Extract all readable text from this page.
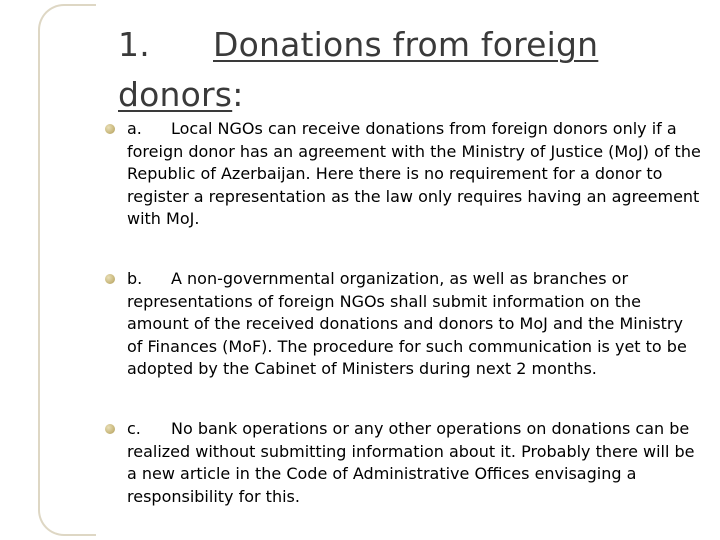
1. Donations from foreign donors:
a. Local NGOs can receive donations from foreign donors only if a foreign donor has an agreement with the Ministry of Justice (MoJ) of the Republic of Azerbaijan. Here there is no requirement for a donor to register a representation as the law only requires having an agreement with MoJ.
b. A non-governmental organization, as well as branches or representations of foreign NGOs shall submit information on the amount of the received donations and donors to MoJ and the Ministry of Finances (MoF). The procedure for such communication is yet to be adopted by the Cabinet of Ministers during next 2 months.
c. No bank operations or any other operations on donations can be realized without submitting information about it. Probably there will be a new article in the Code of Administrative Offices envisaging a responsibility for this.
